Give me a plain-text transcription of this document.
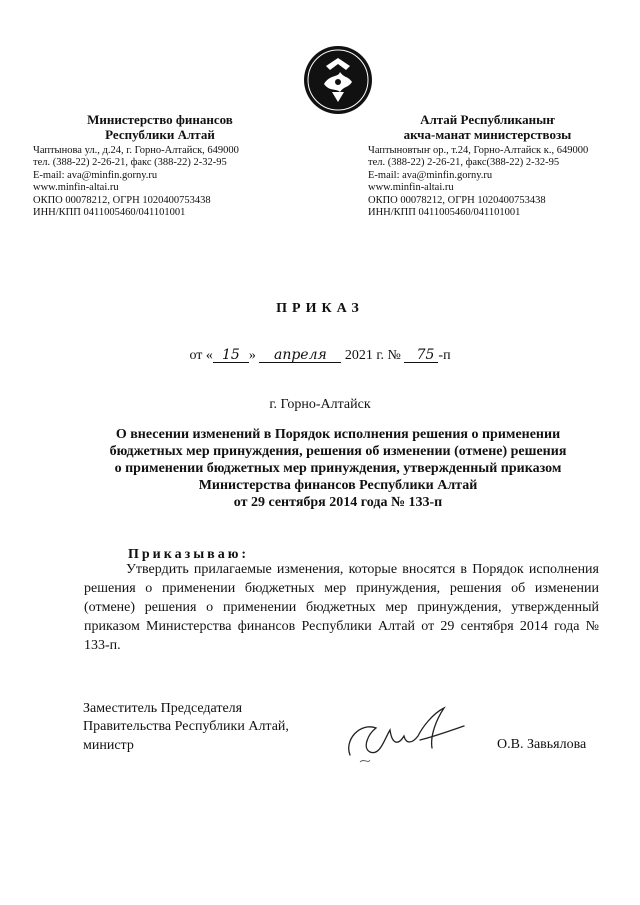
Министерство финансов
Республики Алтай
Чаптынова ул., д.24, г. Горно-Алтайск, 649000
тел. (388-22) 2-26-21, факс (388-22) 2-32-95
E-mail: ava@minfin.gorny.ru
www.minfin-altai.ru
ОКПО 00078212, ОГРН 1020400753438
ИНН/КПП 0411005460/041101001
Алтай Республиканыҥ
акча-манат министерствозы
Чаптыновтыҥ ор., т.24, Горно-Алтайск к., 649000
тел. (388-22) 2-26-21, факс(388-22) 2-32-95
E-mail: ava@minfin.gorny.ru
www.minfin-altai.ru
ОКПО 00078212, ОГРН 1020400753438
ИНН/КПП 0411005460/041101001
ПРИКАЗ
от « 15 » апреля 2021 г. № 75 -п
г. Горно-Алтайск
О внесении изменений в Порядок исполнения решения о применении
бюджетных мер принуждения, решения об изменении (отмене) решения
о применении бюджетных мер принуждения, утвержденный приказом
Министерства финансов Республики Алтай
от 29 сентября 2014 года № 133-п
Приказываю:

Утвердить прилагаемые изменения, которые вносятся в Порядок исполнения решения о применении бюджетных мер принуждения, решения об изменении (отмене) решения о применении бюджетных мер принуждения, утвержденный приказом Министерства финансов Республики Алтай от 29 сентября 2014 года № 133-п.

Заместитель Председателя
Правительства Республики Алтай,
министр	О.В. Завьялова
